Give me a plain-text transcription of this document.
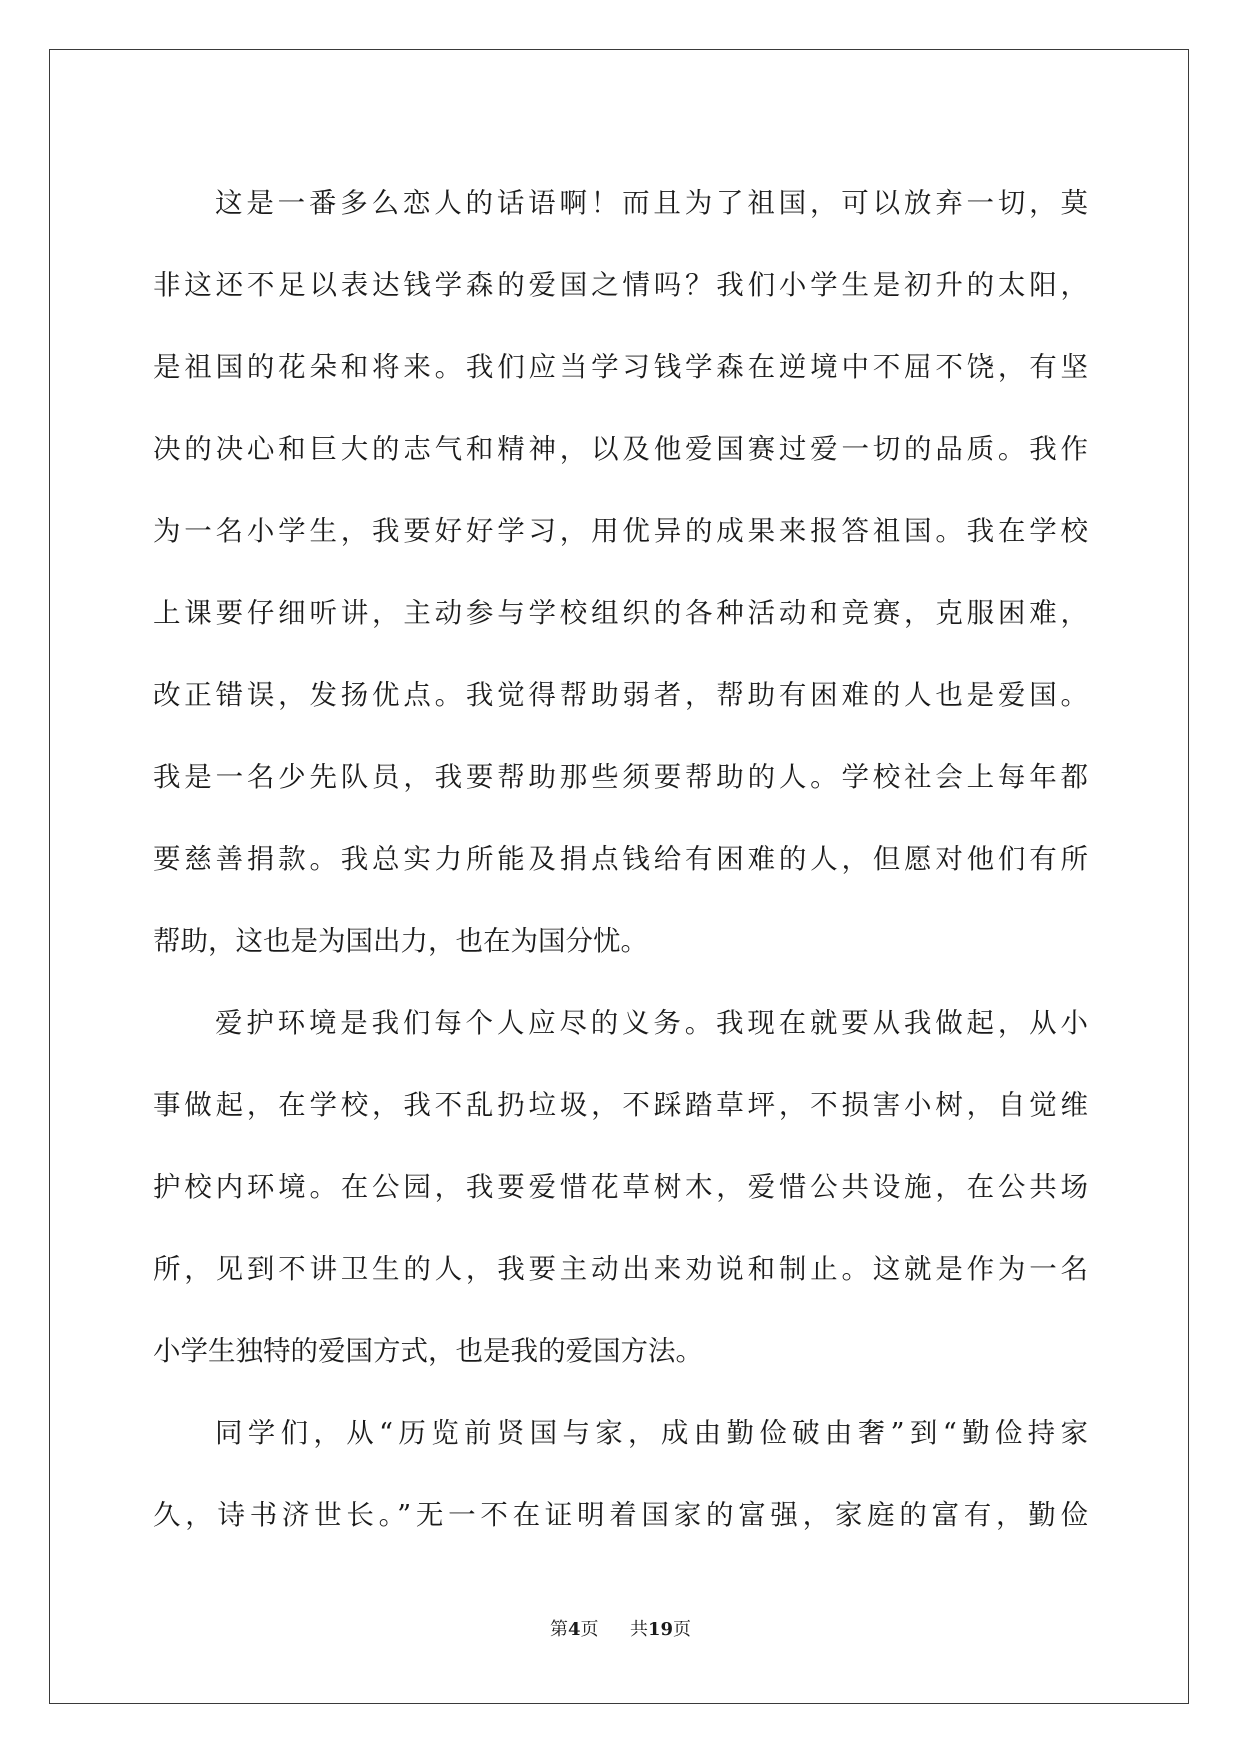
这是一番多么恋人的话语啊！而且为了祖国，可以放弃一切，莫
非这还不足以表达钱学森的爱国之情吗？我们小学生是初升的太阳，
是祖国的花朵和将来。我们应当学习钱学森在逆境中不屈不饶，有坚
决的决心和巨大的志气和精神，以及他爱国赛过爱一切的品质。我作
为一名小学生，我要好好学习，用优异的成果来报答祖国。我在学校
上课要仔细听讲，主动参与学校组织的各种活动和竞赛，克服困难，
改正错误，发扬优点。我觉得帮助弱者，帮助有困难的人也是爱国。
我是一名少先队员，我要帮助那些须要帮助的人。学校社会上每年都
要慈善捐款。我总实力所能及捐点钱给有困难的人，但愿对他们有所
帮助，这也是为国出力，也在为国分忧。
爱护环境是我们每个人应尽的义务。我现在就要从我做起，从小
事做起，在学校，我不乱扔垃圾，不踩踏草坪，不损害小树，自觉维
护校内环境。在公园，我要爱惜花草树木，爱惜公共设施，在公共场
所，见到不讲卫生的人，我要主动出来劝说和制止。这就是作为一名
小学生独特的爱国方式，也是我的爱国方法。
同学们，从“历览前贤国与家，成由勤俭破由奢”到“勤俭持家
久，诗书济世长。”无一不在证明着国家的富强，家庭的富有，勤俭
第4页 共19页
